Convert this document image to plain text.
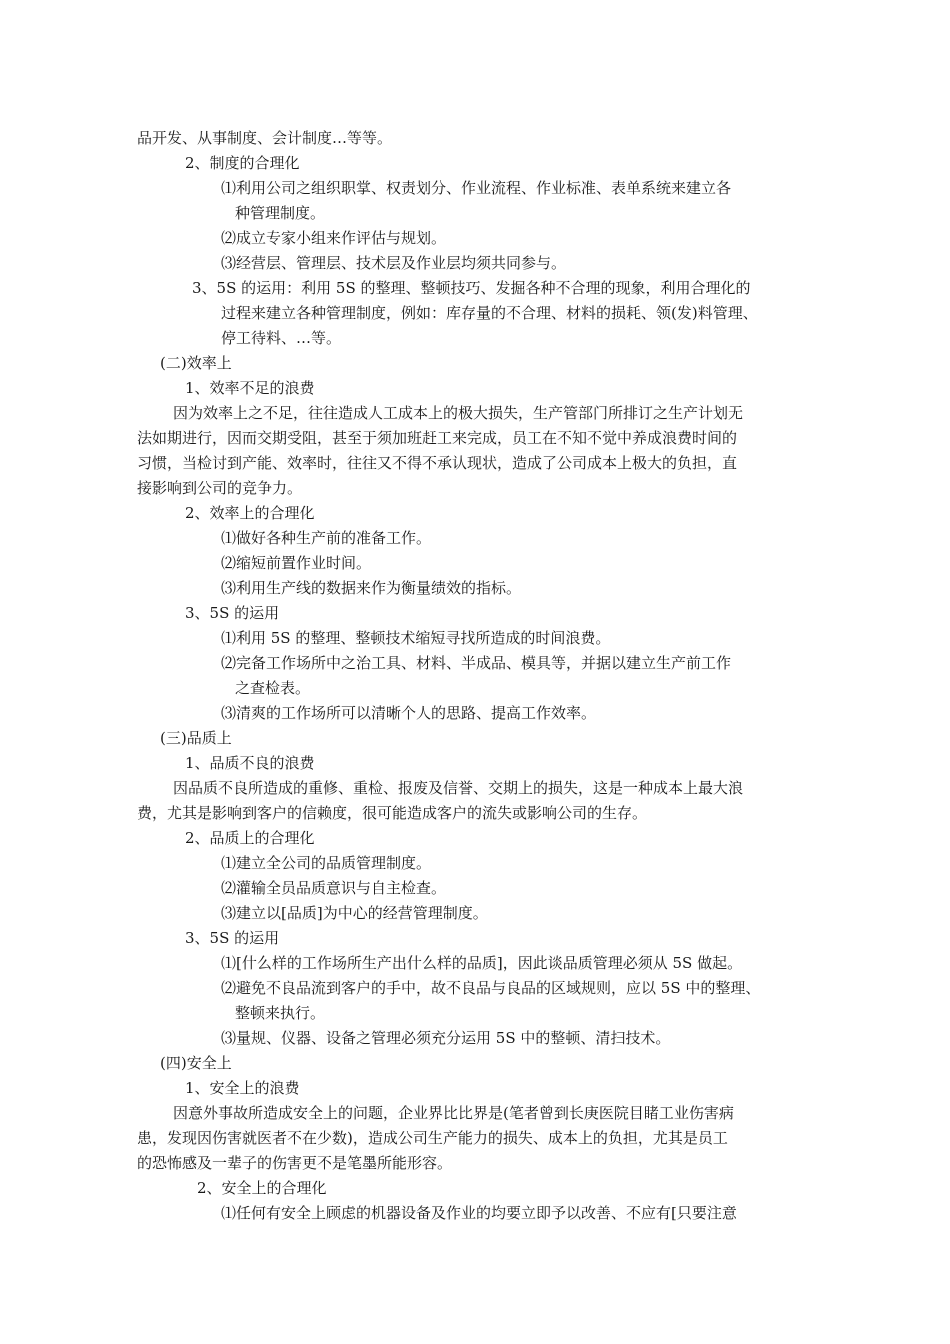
品开发、从事制度、会计制度…等等。
2、制度的合理化
⑴利用公司之组织职掌、权责划分、作业流程、作业标准、表单系统来建立各
种管理制度。
⑵成立专家小组来作评估与规划。
⑶经营层、管理层、技术层及作业层均须共同参与。
3、5S 的运用：利用 5S 的整理、整顿技巧、发掘各种不合理的现象，利用合理化的
过程来建立各种管理制度，例如：库存量的不合理、材料的损耗、领(发)料管理、
停工待料、…等。
(二)效率上
1、效率不足的浪费
因为效率上之不足，往往造成人工成本上的极大损失，生产管部门所排订之生产计划无
法如期进行，因而交期受阻，甚至于须加班赶工来完成，员工在不知不觉中养成浪费时间的
习惯，当检讨到产能、效率时，往往又不得不承认现状，造成了公司成本上极大的负担，直
接影响到公司的竞争力。
2、效率上的合理化
⑴做好各种生产前的准备工作。
⑵缩短前置作业时间。
⑶利用生产线的数据来作为衡量绩效的指标。
3、5S 的运用
⑴利用 5S 的整理、整顿技术缩短寻找所造成的时间浪费。
⑵完备工作场所中之治工具、材料、半成品、模具等，并据以建立生产前工作
之查检表。
⑶清爽的工作场所可以清晰个人的思路、提高工作效率。
(三)品质上
1、品质不良的浪费
因品质不良所造成的重修、重检、报废及信誉、交期上的损失，这是一种成本上最大浪
费，尤其是影响到客户的信赖度，很可能造成客户的流失或影响公司的生存。
2、品质上的合理化
⑴建立全公司的品质管理制度。
⑵灌输全员品质意识与自主检查。
⑶建立以[品质]为中心的经营管理制度。
3、5S 的运用
⑴[什么样的工作场所生产出什么样的品质]，因此谈品质管理必须从 5S 做起。
⑵避免不良品流到客户的手中，故不良品与良品的区域规则，应以 5S 中的整理、
整顿来执行。
⑶量规、仪器、设备之管理必须充分运用 5S 中的整顿、清扫技术。
(四)安全上
1、安全上的浪费
因意外事故所造成安全上的问题，企业界比比界是(笔者曾到长庚医院目睹工业伤害病
患，发现因伤害就医者不在少数)，造成公司生产能力的损失、成本上的负担，尤其是员工
的恐怖感及一辈子的伤害更不是笔墨所能形容。
2、安全上的合理化
⑴任何有安全上顾虑的机器设备及作业的均要立即予以改善、不应有[只要注意
